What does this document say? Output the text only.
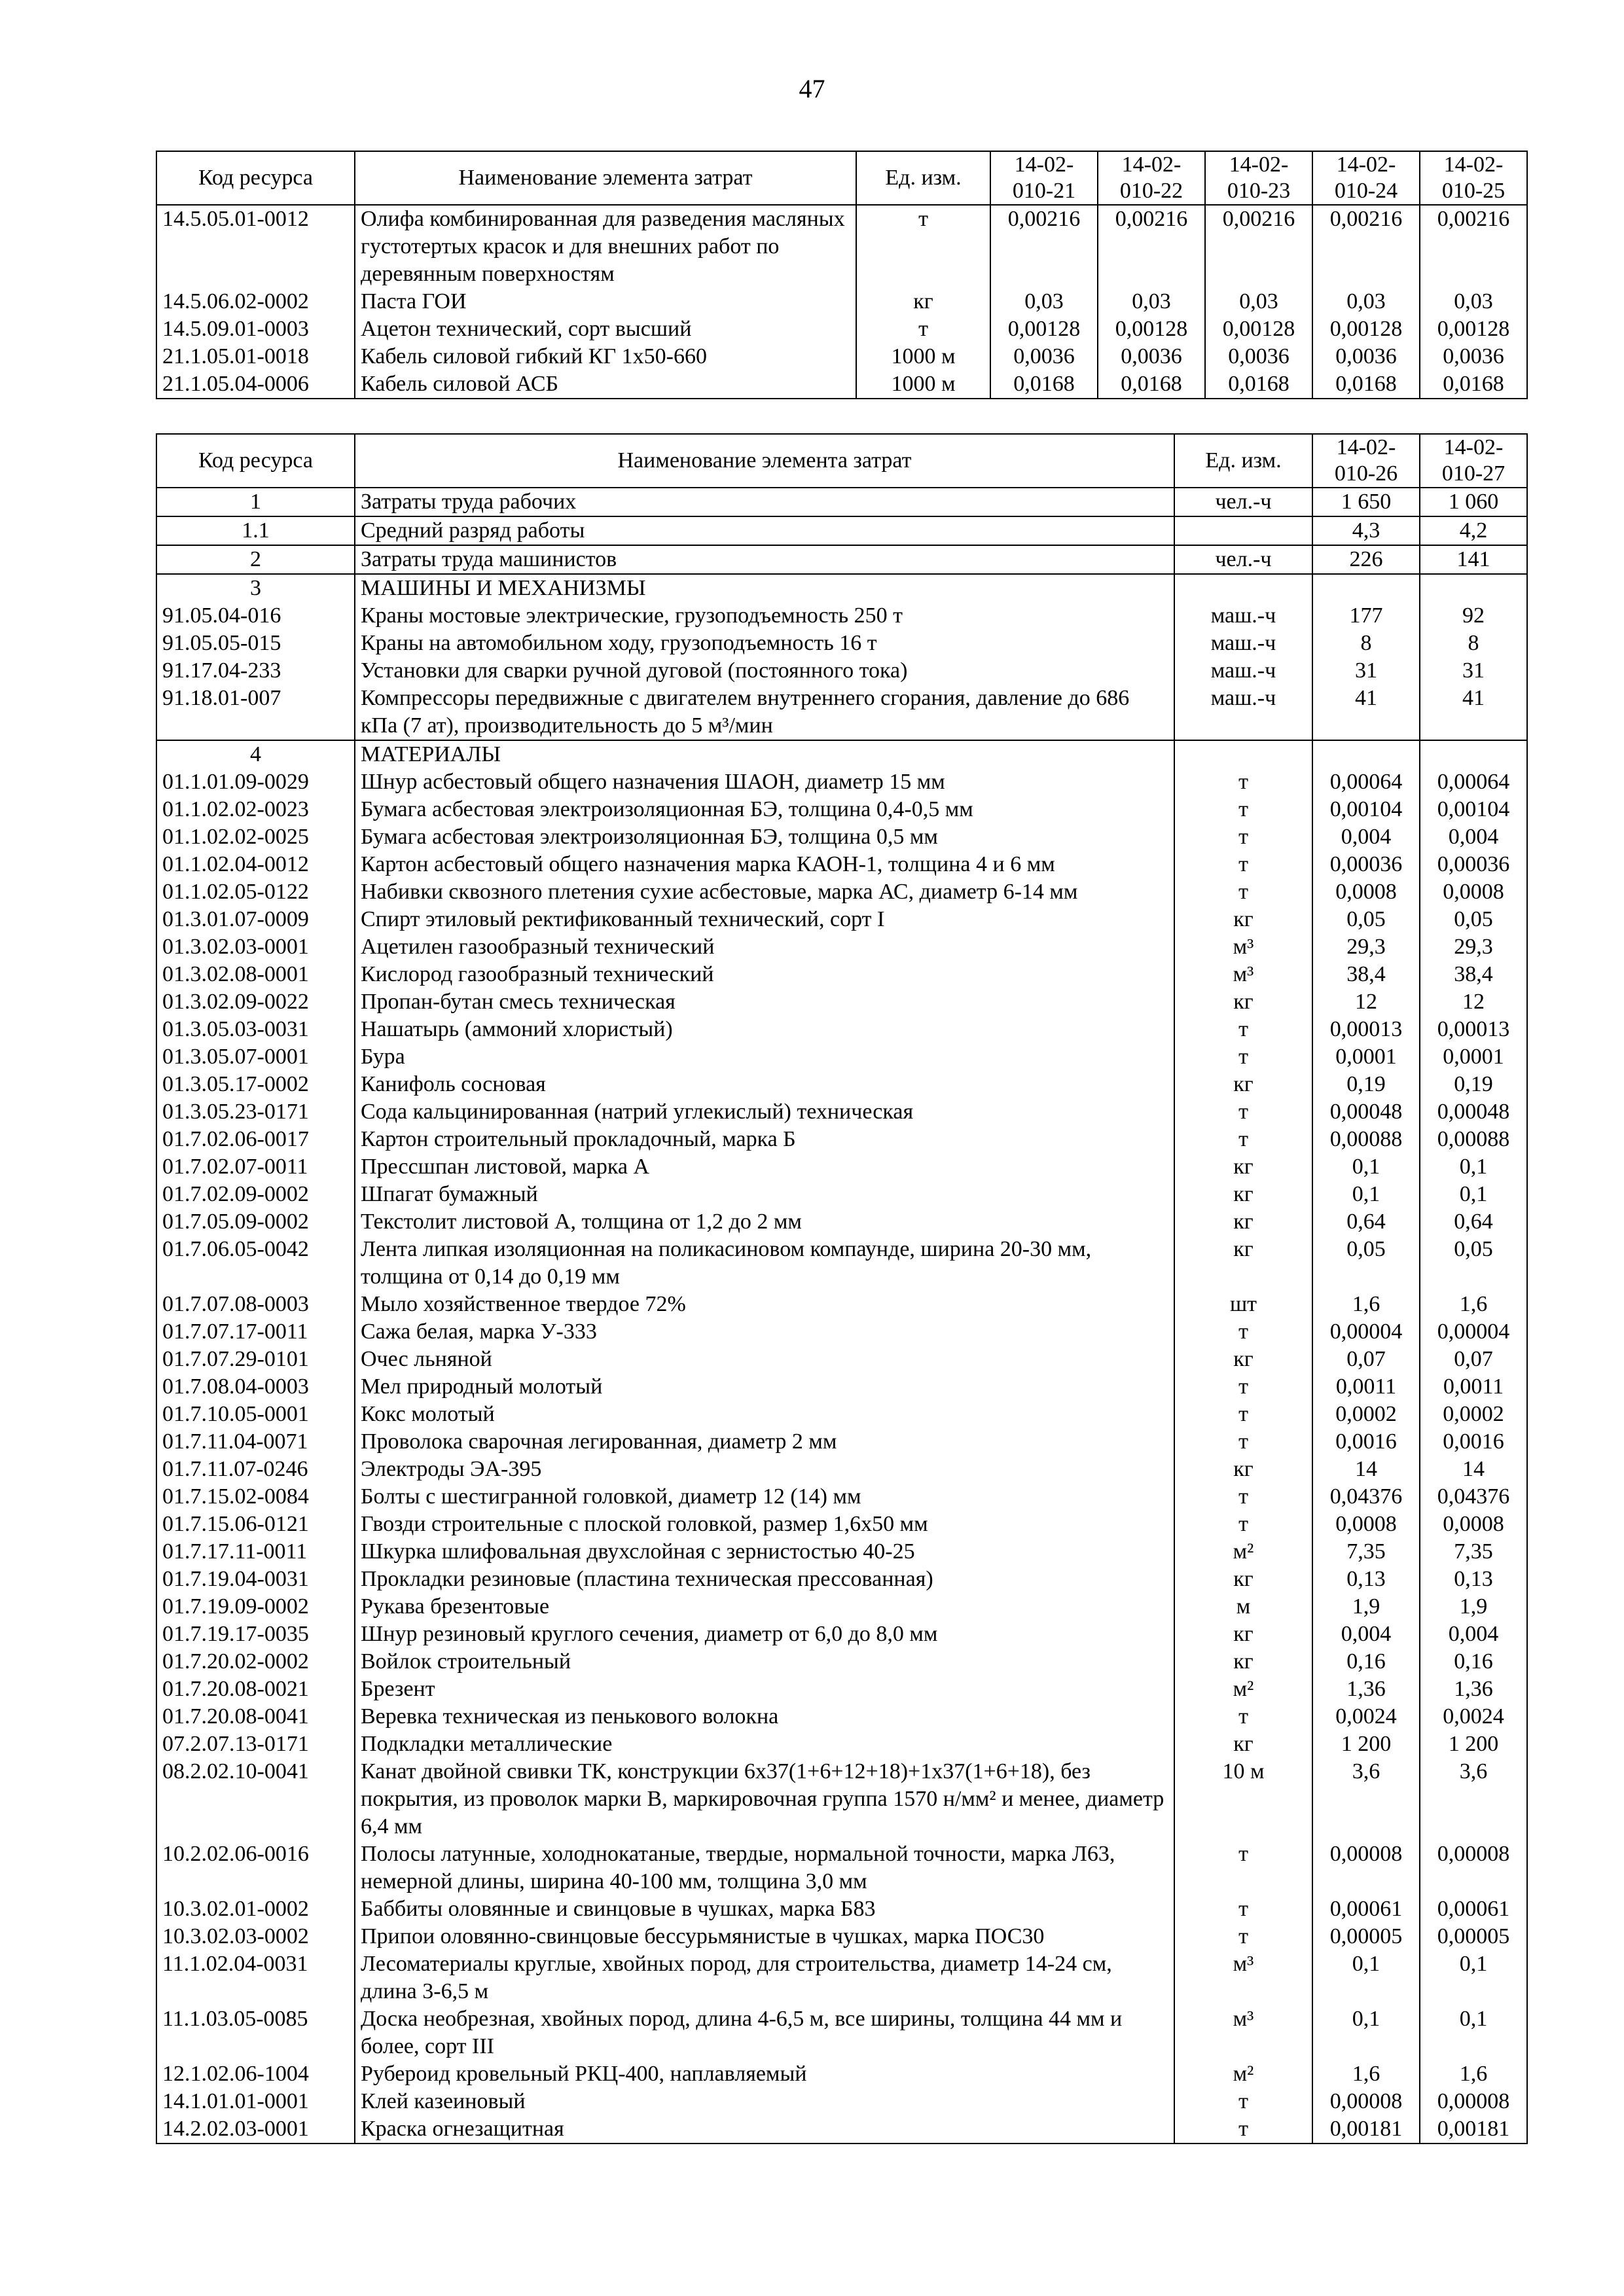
47
Код ресурса	Наименование элемента затрат	Ед. изм.	14-02-010-21	14-02-010-22	14-02-010-23	14-02-010-24	14-02-010-25
14.5.05.01-0012	Олифа комбинированная для разведения масляных густотертых красок и для внешних работ по деревянным поверхностям	т	0,00216	0,00216	0,00216	0,00216	0,00216
14.5.06.02-0002	Паста ГОИ	кг	0,03	0,03	0,03	0,03	0,03
14.5.09.01-0003	Ацетон технический, сорт высший	т	0,00128	0,00128	0,00128	0,00128	0,00128
21.1.05.01-0018	Кабель силовой гибкий КГ 1х50-660	1000 м	0,0036	0,0036	0,0036	0,0036	0,0036
21.1.05.04-0006	Кабель силовой АСБ	1000 м	0,0168	0,0168	0,0168	0,0168	0,0168
Код ресурса	Наименование элемента затрат	Ед. изм.	14-02-010-26	14-02-010-27
1	Затраты труда рабочих	чел.-ч	1 650	1 060
1.1	Средний разряд работы		4,3	4,2
2	Затраты труда машинистов	чел.-ч	226	141
3	МАШИНЫ И МЕХАНИЗМЫ			
91.05.04-016	Краны мостовые электрические, грузоподъемность 250 т	маш.-ч	177	92
91.05.05-015	Краны на автомобильном ходу, грузоподъемность 16 т	маш.-ч	8	8
91.17.04-233	Установки для сварки ручной дуговой (постоянного тока)	маш.-ч	31	31
91.18.01-007	Компрессоры передвижные с двигателем внутреннего сгорания, давление до 686 кПа (7 ат), производительность до 5 м³/мин	маш.-ч	41	41
4	МАТЕРИАЛЫ			
01.1.01.09-0029	Шнур асбестовый общего назначения ШАОН, диаметр 15 мм	т	0,00064	0,00064
01.1.02.02-0023	Бумага асбестовая электроизоляционная БЭ, толщина 0,4-0,5 мм	т	0,00104	0,00104
01.1.02.02-0025	Бумага асбестовая электроизоляционная БЭ, толщина 0,5 мм	т	0,004	0,004
01.1.02.04-0012	Картон асбестовый общего назначения марка КАОН-1, толщина 4 и 6 мм	т	0,00036	0,00036
01.1.02.05-0122	Набивки сквозного плетения сухие асбестовые, марка АС, диаметр 6-14 мм	т	0,0008	0,0008
01.3.01.07-0009	Спирт этиловый ректификованный технический, сорт I	кг	0,05	0,05
01.3.02.03-0001	Ацетилен газообразный технический	м³	29,3	29,3
01.3.02.08-0001	Кислород газообразный технический	м³	38,4	38,4
01.3.02.09-0022	Пропан-бутан смесь техническая	кг	12	12
01.3.05.03-0031	Нашатырь (аммоний хлористый)	т	0,00013	0,00013
01.3.05.07-0001	Бура	т	0,0001	0,0001
01.3.05.17-0002	Канифоль сосновая	кг	0,19	0,19
01.3.05.23-0171	Сода кальцинированная (натрий углекислый) техническая	т	0,00048	0,00048
01.7.02.06-0017	Картон строительный прокладочный, марка Б	т	0,00088	0,00088
01.7.02.07-0011	Прессшпан листовой, марка А	кг	0,1	0,1
01.7.02.09-0002	Шпагат бумажный	кг	0,1	0,1
01.7.05.09-0002	Текстолит листовой А, толщина от 1,2 до 2 мм	кг	0,64	0,64
01.7.06.05-0042	Лента липкая изоляционная на поликасиновом компаунде, ширина 20-30 мм, толщина от 0,14 до 0,19 мм	кг	0,05	0,05
01.7.07.08-0003	Мыло хозяйственное твердое 72%	шт	1,6	1,6
01.7.07.17-0011	Сажа белая, марка У-333	т	0,00004	0,00004
01.7.07.29-0101	Очес льняной	кг	0,07	0,07
01.7.08.04-0003	Мел природный молотый	т	0,0011	0,0011
01.7.10.05-0001	Кокс молотый	т	0,0002	0,0002
01.7.11.04-0071	Проволока сварочная легированная, диаметр 2 мм	т	0,0016	0,0016
01.7.11.07-0246	Электроды ЭА-395	кг	14	14
01.7.15.02-0084	Болты с шестигранной головкой, диаметр 12 (14) мм	т	0,04376	0,04376
01.7.15.06-0121	Гвозди строительные с плоской головкой, размер 1,6х50 мм	т	0,0008	0,0008
01.7.17.11-0011	Шкурка шлифовальная двухслойная с зернистостью 40-25	м²	7,35	7,35
01.7.19.04-0031	Прокладки резиновые (пластина техническая прессованная)	кг	0,13	0,13
01.7.19.09-0002	Рукава брезентовые	м	1,9	1,9
01.7.19.17-0035	Шнур резиновый круглого сечения, диаметр от 6,0 до 8,0 мм	кг	0,004	0,004
01.7.20.02-0002	Войлок строительный	кг	0,16	0,16
01.7.20.08-0021	Брезент	м²	1,36	1,36
01.7.20.08-0041	Веревка техническая из пенькового волокна	т	0,0024	0,0024
07.2.07.13-0171	Подкладки металлические	кг	1 200	1 200
08.2.02.10-0041	Канат двойной свивки ТК, конструкции 6х37(1+6+12+18)+1х37(1+6+18), без покрытия, из проволок марки В, маркировочная группа 1570 н/мм² и менее, диаметр 6,4 мм	10 м	3,6	3,6
10.2.02.06-0016	Полосы латунные, холоднокатаные, твердые, нормальной точности, марка Л63, немерной длины, ширина 40-100 мм, толщина 3,0 мм	т	0,00008	0,00008
10.3.02.01-0002	Баббиты оловянные и свинцовые в чушках, марка Б83	т	0,00061	0,00061
10.3.02.03-0002	Припои оловянно-свинцовые бессурьмянистые в чушках, марка ПОС30	т	0,00005	0,00005
11.1.02.04-0031	Лесоматериалы круглые, хвойных пород, для строительства, диаметр 14-24 см, длина 3-6,5 м	м³	0,1	0,1
11.1.03.05-0085	Доска необрезная, хвойных пород, длина 4-6,5 м, все ширины, толщина 44 мм и более, сорт III	м³	0,1	0,1
12.1.02.06-1004	Рубероид кровельный РКЦ-400, наплавляемый	м²	1,6	1,6
14.1.01.01-0001	Клей казеиновый	т	0,00008	0,00008
14.2.02.03-0001	Краска огнезащитная	т	0,00181	0,00181
